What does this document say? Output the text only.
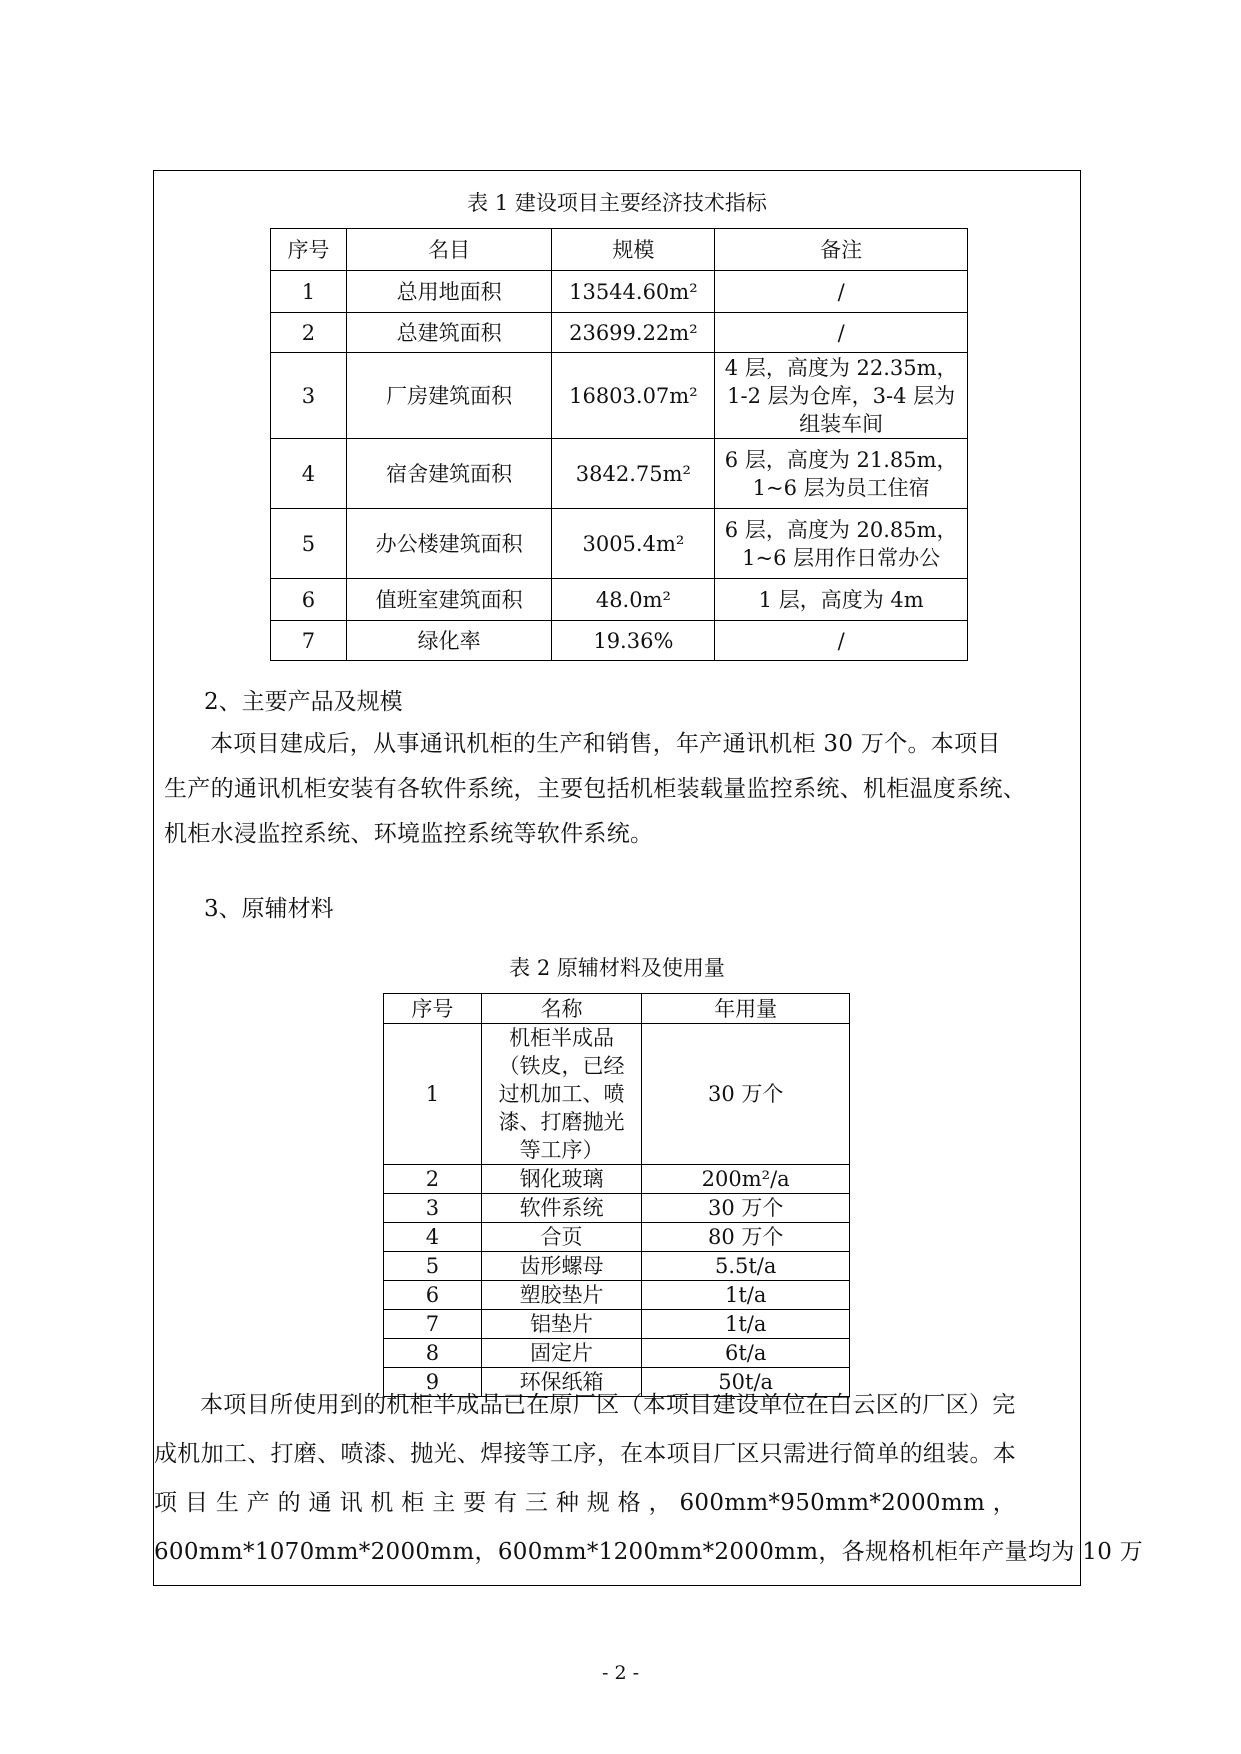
表 1 建设项目主要经济技术指标
序号	名目	规模	备注
1	总用地面积	13544.60m²	/
2	总建筑面积	23699.22m²	/
3	厂房建筑面积	16803.07m²	4 层，高度为 22.35m，1-2 层为仓库，3-4 层为组装车间
4	宿舍建筑面积	3842.75m²	6 层，高度为 21.85m，1~6 层为员工住宿
5	办公楼建筑面积	3005.4m²	6 层，高度为 20.85m，1~6 层用作日常办公
6	值班室建筑面积	48.0m²	1 层，高度为 4m
7	绿化率	19.36%	/
2、主要产品及规模
本项目建成后，从事通讯机柜的生产和销售，年产通讯机柜 30 万个。本项目
生产的通讯机柜安装有各软件系统，主要包括机柜装载量监控系统、机柜温度系统、
机柜水浸监控系统、环境监控系统等软件系统。
3、原辅材料
表 2 原辅材料及使用量
序号	名称	年用量
1	机柜半成品（铁皮，已经过机加工、喷漆、打磨抛光等工序）	30 万个
2	钢化玻璃	200m²/a
3	软件系统	30 万个
4	合页	80 万个
5	齿形螺母	5.5t/a
6	塑胶垫片	1t/a
7	铝垫片	1t/a
8	固定片	6t/a
9	环保纸箱	50t/a
本项目所使用到的机柜半成品已在原厂区（本项目建设单位在白云区的厂区）完
成机加工、打磨、喷漆、抛光、焊接等工序，在本项目厂区只需进行简单的组装。本
项 目 生 产 的 通 讯 机 柜 主 要 有 三 种 规 格 ， 600mm*950mm*2000mm ，
600mm*1070mm*2000mm，600mm*1200mm*2000mm，各规格机柜年产量均为 10 万
- 2 -
